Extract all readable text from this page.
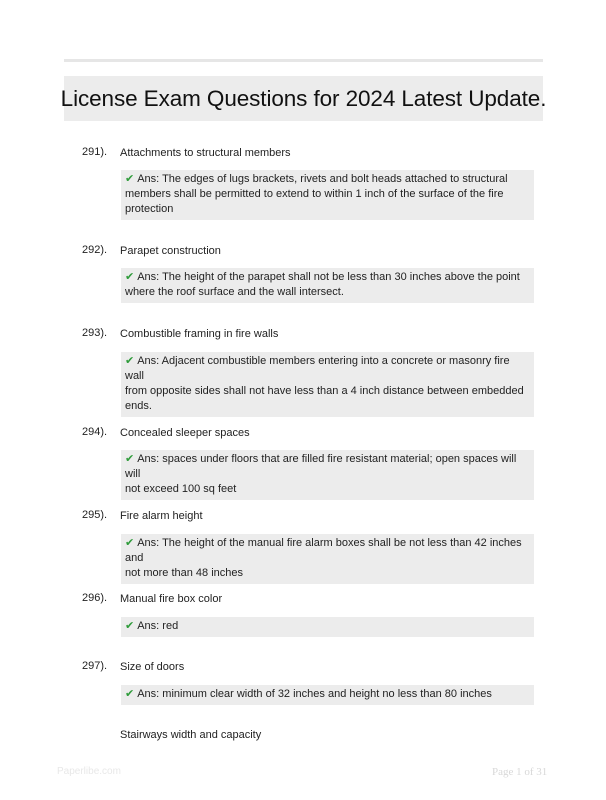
License Exam Questions for 2024 Latest Update.
291). Attachments to structural members
✔ Ans: The edges of lugs brackets, rivets and bolt heads attached to structural
members shall be permitted to extend to within 1 inch of the surface of the fire
protection
292). Parapet construction
✔ Ans: The height of the parapet shall not be less than 30 inches above the point
where the roof surface and the wall intersect.
293). Combustible framing in fire walls
✔ Ans: Adjacent combustible members entering into a concrete or masonry fire wall
from opposite sides shall not have less than a 4 inch distance between embedded
ends.
294). Concealed sleeper spaces
✔ Ans: spaces under floors that are filled fire resistant material; open spaces will will
not exceed 100 sq feet
295). Fire alarm height
✔ Ans: The height of the manual fire alarm boxes shall be not less than 42 inches and
not more than 48 inches
296). Manual fire box color
✔ Ans: red
297). Size of doors
✔ Ans: minimum clear width of 32 inches and height no less than 80 inches
Stairways width and capacity
Paperlibe.com	Page 1 of 31
